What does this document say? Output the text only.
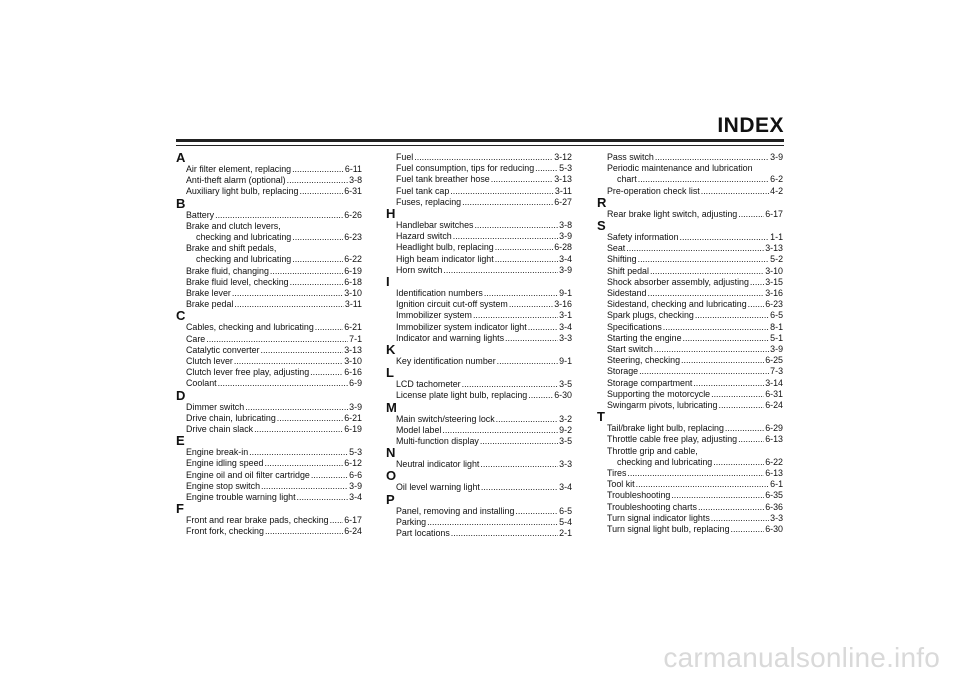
INDEX
A
Air filter element, replacing .....	6-11
Anti-theft alarm (optional) .....	3-8
Auxiliary light bulb, replacing .....	6-31
B
Battery .....	6-26
Brake and clutch levers,
checking and lubricating .....	6-23
Brake and shift pedals,
checking and lubricating .....	6-22
Brake fluid, changing .....	6-19
Brake fluid level, checking .....	6-18
Brake lever .....	3-10
Brake pedal .....	3-11
C
Cables, checking and lubricating .....	6-21
Care .....	7-1
Catalytic converter .....	3-13
Clutch lever .....	3-10
Clutch lever free play, adjusting .....	6-16
Coolant .....	6-9
D
Dimmer switch .....	3-9
Drive chain, lubricating .....	6-21
Drive chain slack .....	6-19
E
Engine break-in .....	5-3
Engine idling speed .....	6-12
Engine oil and oil filter cartridge .....	6-6
Engine stop switch .....	3-9
Engine trouble warning light .....	3-4
F
Front and rear brake pads, checking ..... 6-17
Front fork, checking .....	6-24
Fuel .....	3-12
Fuel consumption, tips for reducing .....	5-3
Fuel tank breather hose .....	3-13
Fuel tank cap .....	3-11
Fuses, replacing .....	6-27
H
Handlebar switches .....	3-8
Hazard switch .....	3-9
Headlight bulb, replacing .....	6-28
High beam indicator light .....	3-4
Horn switch .....	3-9
I
Identification numbers .....	9-1
Ignition circuit cut-off system .....	3-16
Immobilizer system .....	3-1
Immobilizer system indicator light .....	3-4
Indicator and warning lights .....	3-3
K
Key identification number .....	9-1
L
LCD tachometer .....	3-5
License plate light bulb, replacing .....	6-30
M
Main switch/steering lock .....	3-2
Model label .....	9-2
Multi-function display .....	3-5
N
Neutral indicator light .....	3-3
O
Oil level warning light .....	3-4
P
Panel, removing and installing .....	6-5
Parking .....	5-4
Part locations .....	2-1
Pass switch .....	3-9
Periodic maintenance and lubrication
chart .....	6-2
Pre-operation check list .....	4-2
R
Rear brake light switch, adjusting .....	6-17
S
Safety information .....	1-1
Seat .....	3-13
Shifting .....	5-2
Shift pedal .....	3-10
Shock absorber assembly, adjusting ..... 3-15
Sidestand .....	3-16
Sidestand, checking and lubricating ..... 6-23
Spark plugs, checking .....	6-5
Specifications .....	8-1
Starting the engine .....	5-1
Start switch .....	3-9
Steering, checking .....	6-25
Storage .....	7-3
Storage compartment .....	3-14
Supporting the motorcycle .....	6-31
Swingarm pivots, lubricating .....	6-24
T
Tail/brake light bulb, replacing .....	6-29
Throttle cable free play, adjusting .....	6-13
Throttle grip and cable,
checking and lubricating .....	6-22
Tires .....	6-13
Tool kit .....	6-1
Troubleshooting .....	6-35
Troubleshooting charts .....	6-36
Turn signal indicator lights .....	3-3
Turn signal light bulb, replacing .....	6-30
carmanualsonline.info
